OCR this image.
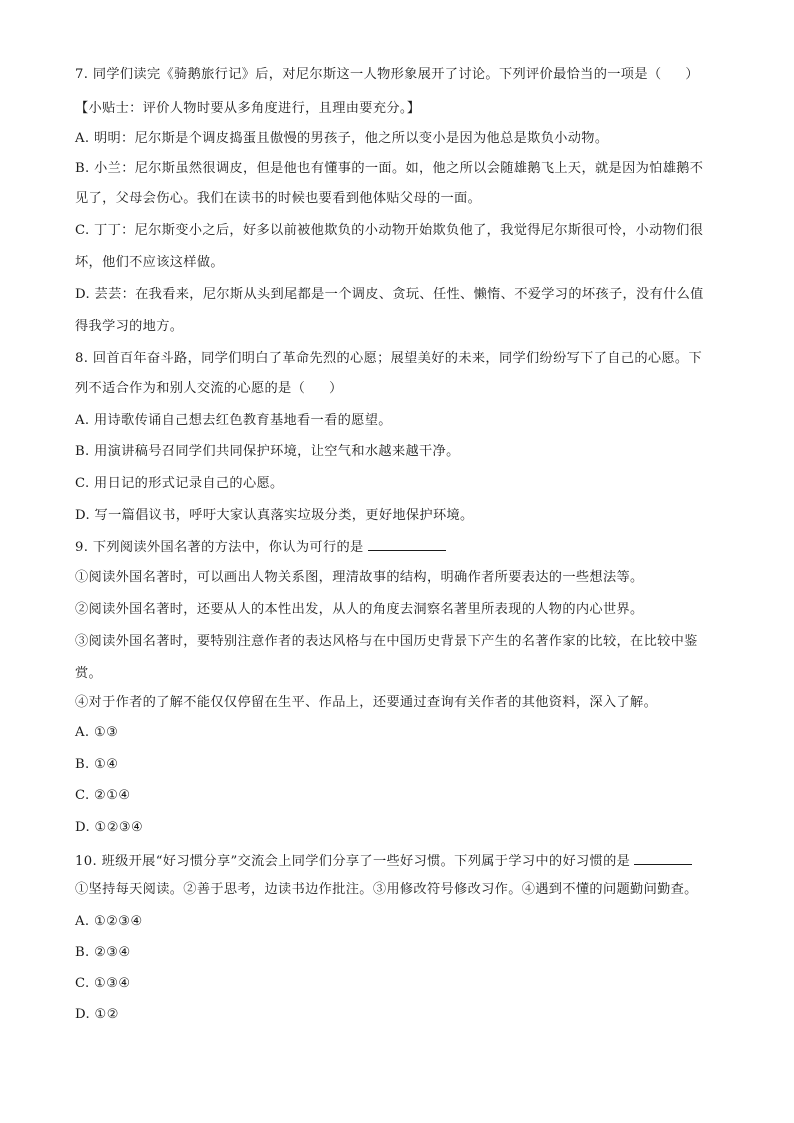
7. 同学们读完《骑鹅旅行记》后，对尼尔斯这一人物形象展开了讨论。下列评价最恰当的一项是（ ）
【小贴士：评价人物时要从多角度进行，且理由要充分。】
A. 明明：尼尔斯是个调皮捣蛋且傲慢的男孩子，他之所以变小是因为他总是欺负小动物。
B. 小兰：尼尔斯虽然很调皮，但是他也有懂事的一面。如，他之所以会随雄鹅飞上天，就是因为怕雄鹅不
见了，父母会伤心。我们在读书的时候也要看到他体贴父母的一面。
C. 丁丁：尼尔斯变小之后，好多以前被他欺负的小动物开始欺负他了，我觉得尼尔斯很可怜，小动物们很
坏，他们不应该这样做。
D. 芸芸：在我看来，尼尔斯从头到尾都是一个调皮、贪玩、任性、懒惰、不爱学习的坏孩子，没有什么值
得我学习的地方。
8. 回首百年奋斗路，同学们明白了革命先烈的心愿；展望美好的未来，同学们纷纷写下了自己的心愿。下
列不适合作为和别人交流的心愿的是（ ）
A. 用诗歌传诵自己想去红色教育基地看一看的愿望。
B. 用演讲稿号召同学们共同保护环境，让空气和水越来越干净。
C. 用日记的形式记录自己的心愿。
D. 写一篇倡议书，呼吁大家认真落实垃圾分类，更好地保护环境。
9. 下列阅读外国名著的方法中，你认为可行的是
①阅读外国名著时，可以画出人物关系图，理清故事的结构，明确作者所要表达的一些想法等。
②阅读外国名著时，还要从人的本性出发，从人的角度去洞察名著里所表现的人物的内心世界。
③阅读外国名著时，要特别注意作者的表达风格与在中国历史背景下产生的名著作家的比较，在比较中鉴
赏。
④对于作者的了解不能仅仅停留在生平、作品上，还要通过查询有关作者的其他资料，深入了解。
A. ①③
B. ①④
C. ②①④
D. ①②③④
10. 班级开展“好习惯分享”交流会上同学们分享了一些好习惯。下列属于学习中的好习惯的是
①坚持每天阅读。②善于思考，边读书边作批注。③用修改符号修改习作。④遇到不懂的问题勤问勤查。
A. ①②③④
B. ②③④
C. ①③④
D. ①②
